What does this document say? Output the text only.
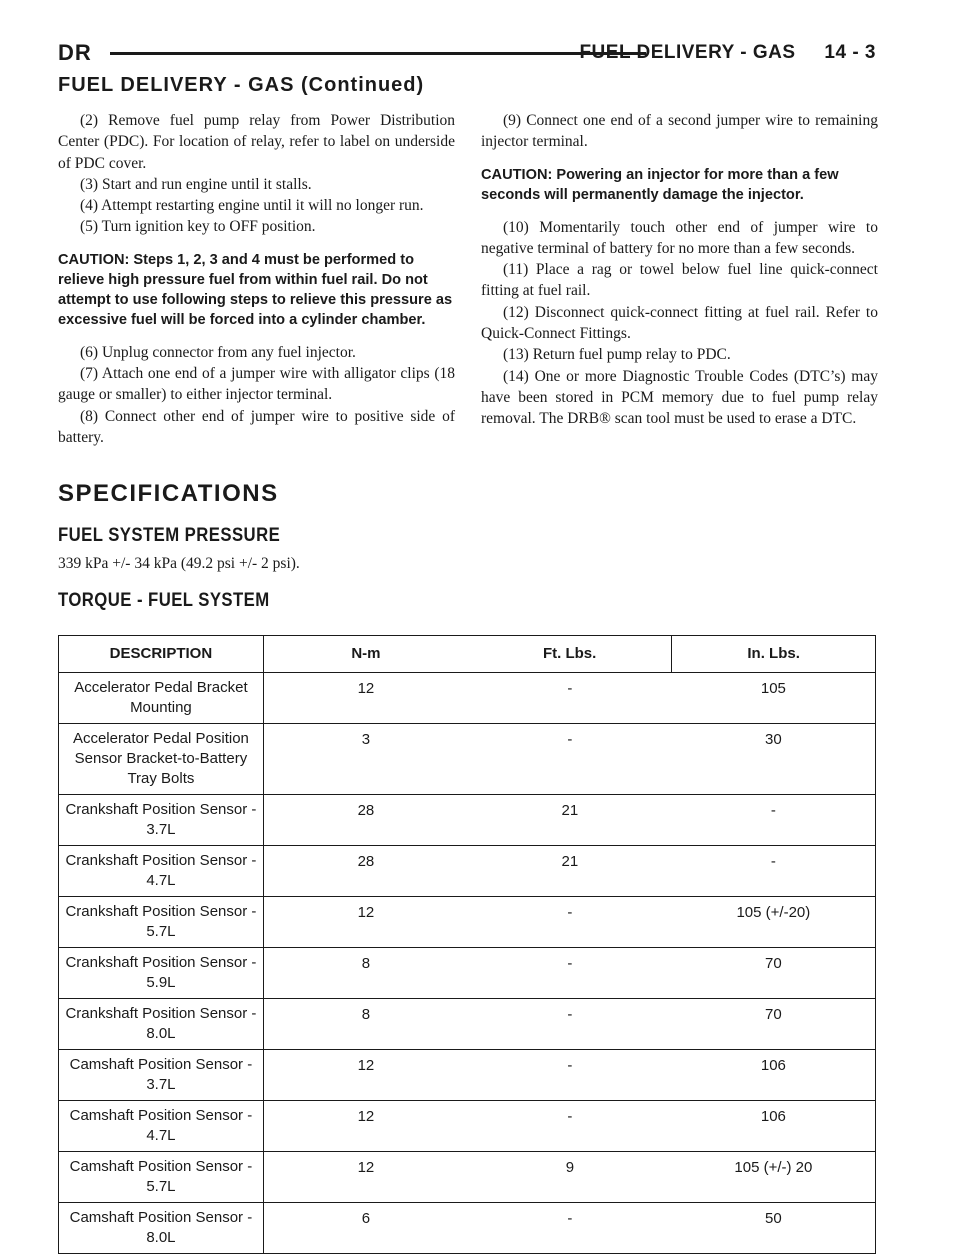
DR	FUEL DELIVERY - GAS     14 - 3
FUEL DELIVERY - GAS (Continued)

(2) Remove fuel pump relay from Power Distribution Center (PDC). For location of relay, refer to label on underside of PDC cover.

(3) Start and run engine until it stalls.

(4) Attempt restarting engine until it will no longer run.

(5) Turn ignition key to OFF position.

CAUTION: Steps 1, 2, 3 and 4 must be performed to relieve high pressure fuel from within fuel rail. Do not attempt to use following steps to relieve this pressure as excessive fuel will be forced into a cylinder chamber.

(6) Unplug connector from any fuel injector.

(7) Attach one end of a jumper wire with alligator clips (18 gauge or smaller) to either injector terminal.

(8) Connect other end of jumper wire to positive side of battery.

(9) Connect one end of a second jumper wire to remaining injector terminal.

CAUTION: Powering an injector for more than a few seconds will permanently damage the injector.

(10) Momentarily touch other end of jumper wire to negative terminal of battery for no more than a few seconds.

(11) Place a rag or towel below fuel line quick-connect fitting at fuel rail.

(12) Disconnect quick-connect fitting at fuel rail. Refer to Quick-Connect Fittings.

(13) Return fuel pump relay to PDC.

(14) One or more Diagnostic Trouble Codes (DTC’s) may have been stored in PCM memory due to fuel pump relay removal. The DRB® scan tool must be used to erase a DTC.

SPECIFICATIONS
FUEL SYSTEM PRESSURE
339 kPa +/- 34 kPa (49.2 psi +/- 2 psi).
TORQUE - FUEL SYSTEM
DESCRIPTION	N-m	Ft. Lbs.	In. Lbs.
Accelerator Pedal Bracket Mounting	12	-	105
Accelerator Pedal Position Sensor Bracket-to-Battery Tray Bolts	3	-	30
Crankshaft Position Sensor - 3.7L	28	21	-
Crankshaft Position Sensor - 4.7L	28	21	-
Crankshaft Position Sensor - 5.7L	12	-	105 (+/-20)
Crankshaft Position Sensor - 5.9L	8	-	70
Crankshaft Position Sensor - 8.0L	8	-	70
Camshaft Position Sensor - 3.7L	12	-	106
Camshaft Position Sensor - 4.7L	12	-	106
Camshaft Position Sensor - 5.7L	12	9	105 (+/-) 20
Camshaft Position Sensor - 8.0L	6	-	50
